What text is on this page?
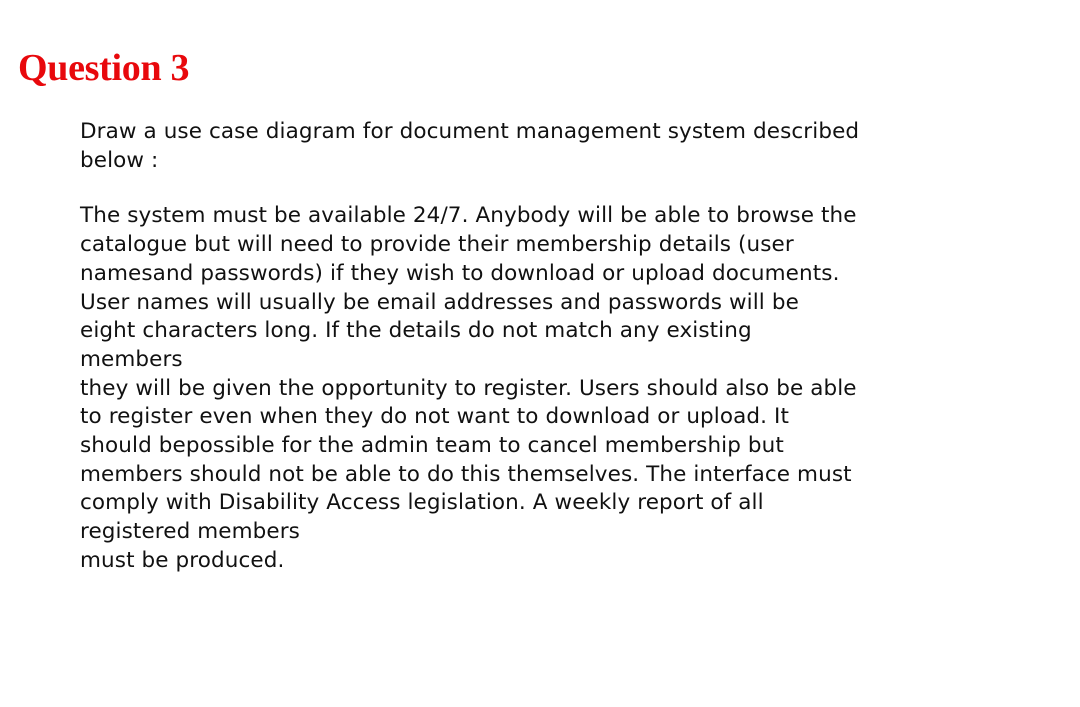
Question 3

Draw a use case diagram for document management system described
below :

The system must be available 24/7. Anybody will be able to browse the
catalogue but will need to provide their membership details (user
namesand passwords) if they wish to download or upload documents.
User names will usually be email addresses and passwords will be
eight characters long. If the details do not match any existing
members

they will be given the opportunity to register. Users should also be able
to register even when they do not want to download or upload. It
should bepossible for the admin team to cancel membership but
members should not be able to do this themselves. The interface must
comply with Disability Access legislation. A weekly report of all
registered members

must be produced.
